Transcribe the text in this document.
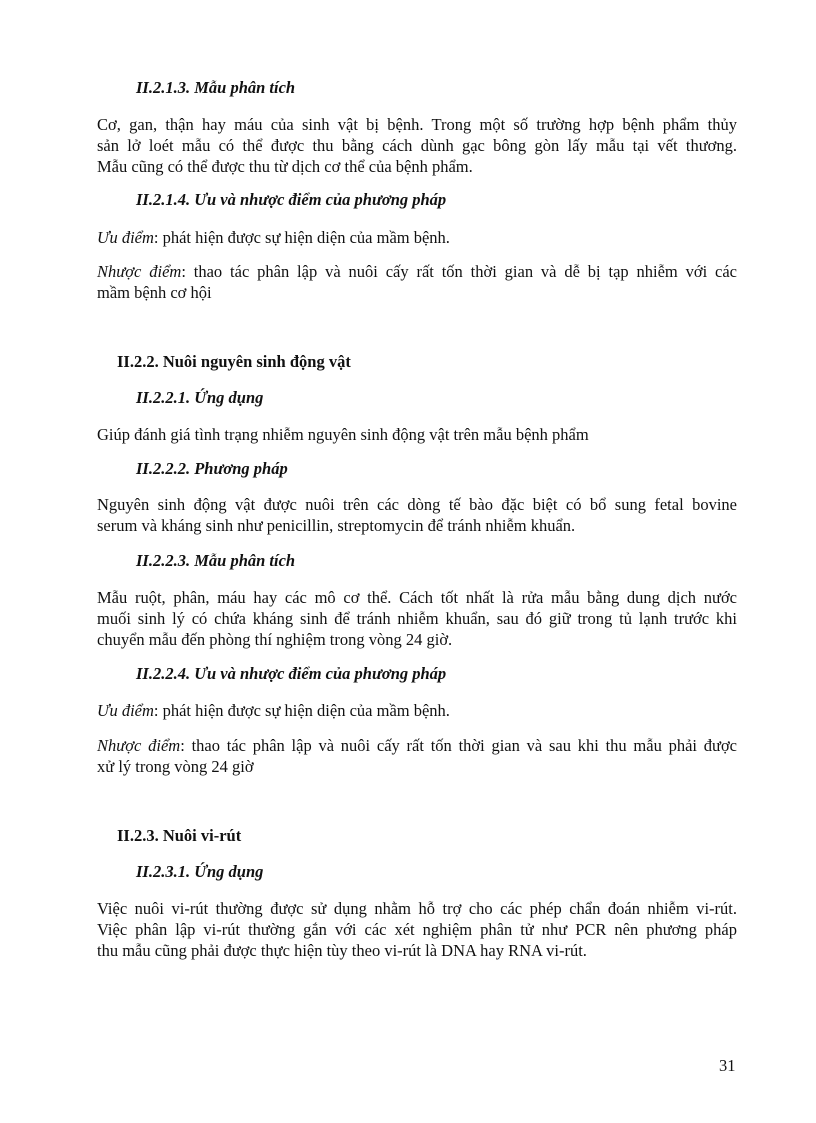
II.2.1.3. Mẫu phân tích
Cơ, gan, thận hay máu của sinh vật bị bệnh. Trong một số trường hợp bệnh phẩm thủy
sản lở loét mẫu có thể được thu bằng cách dùnh gạc bông gòn lấy mẫu tại vết thương.
Mẫu cũng có thể được thu từ dịch cơ thể của bệnh phẩm.
II.2.1.4. Ưu và nhược điểm của phương pháp
Ưu điểm: phát hiện được sự hiện diện của mầm bệnh.
Nhược điểm: thao tác phân lập và nuôi cấy rất tốn thời gian và dễ bị tạp nhiễm với các
mầm bệnh cơ hội
II.2.2. Nuôi nguyên sinh động vật
II.2.2.1. Ứng dụng
Giúp đánh giá tình trạng nhiễm nguyên sinh động vật trên mẫu bệnh phẩm
II.2.2.2. Phương pháp
Nguyên sinh động vật được nuôi trên các dòng tế bào đặc biệt có bổ sung fetal bovine
serum và kháng sinh như penicillin, streptomycin để tránh nhiễm khuẩn.
II.2.2.3. Mẫu phân tích
Mẫu ruột, phân, máu hay các mô cơ thể. Cách tốt nhất là rửa mẫu bằng dung dịch nước
muối sinh lý có chứa kháng sinh để tránh nhiễm khuẩn, sau đó giữ trong tủ lạnh trước khi
chuyển mẫu đến phòng thí nghiệm trong vòng 24 giờ.
II.2.2.4. Ưu và nhược điểm của phương pháp
Ưu điểm: phát hiện được sự hiện diện của mầm bệnh.
Nhược điểm: thao tác phân lập và nuôi cấy rất tốn thời gian và sau khi thu mẫu phải được
xử lý trong vòng 24 giờ
II.2.3. Nuôi vi-rút
II.2.3.1. Ứng dụng
Việc nuôi vi-rút thường được sử dụng nhằm hỗ trợ cho các phép chẩn đoán nhiễm vi-rút.
Việc phân lập vi-rút thường gắn với các xét nghiệm phân tử như PCR nên phương pháp
thu mẫu cũng phải được thực hiện tùy theo vi-rút là DNA hay RNA vi-rút.
31
